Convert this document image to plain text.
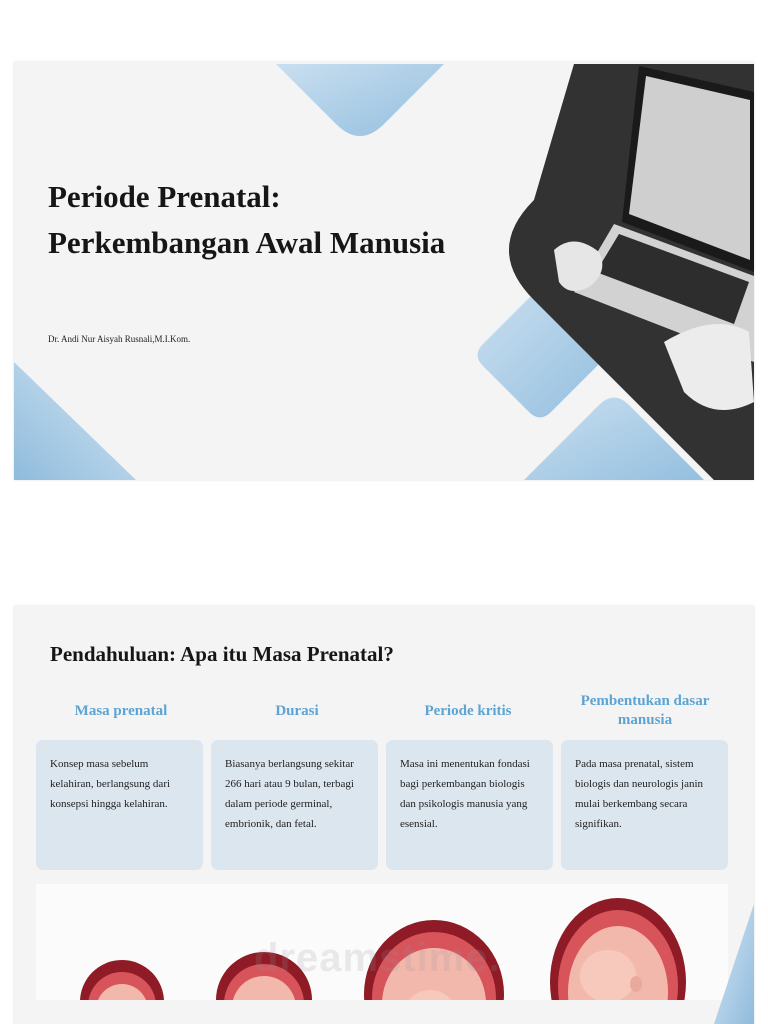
Periode Prenatal:
Perkembangan Awal Manusia
Dr. Andi Nur Aisyah Rusnali,M.I.Kom.
Pendahuluan: Apa itu Masa Prenatal?
Masa prenatal	Durasi	Periode kritis
Pembentukan dasar manusia
Konsep masa sebelum kelahiran, berlangsung dari konsepsi hingga kelahiran.
Biasanya berlangsung sekitar 266 hari atau 9 bulan, terbagi dalam periode germinal, embrionik, dan fetal.
Masa ini menentukan fondasi bagi perkembangan biologis dan psikologis manusia yang esensial.
Pada masa prenatal, sistem biologis dan neurologis janin mulai berkembang secara signifikan.
dreamstime.
